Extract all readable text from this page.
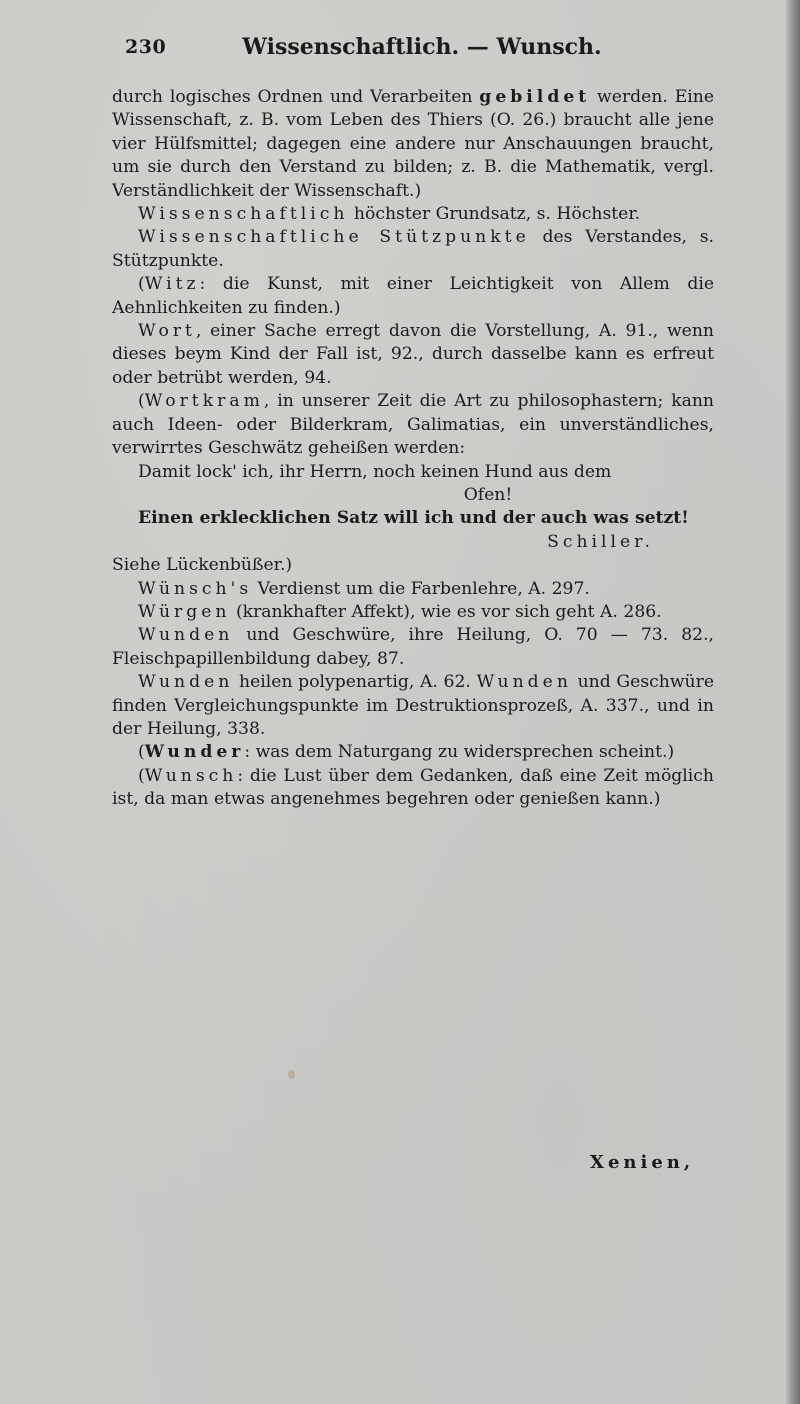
230	Wissenschaftlich. — Wunsch.

durch logisches Ordnen und Verarbeiten gebildet werden. Eine Wissenschaft, z. B. vom Leben des Thiers (O. 26.) braucht alle jene vier Hülfsmittel; dagegen eine andere nur Anschauungen braucht, um sie durch den Verstand zu bilden; z. B. die Mathematik, vergl. Verständlichkeit der Wissenschaft.)

Wissenschaftlich höchster Grundsatz, s. Höchster.

Wissenschaftliche Stützpunkte des Verstandes, s. Stützpunkte.

(Witz: die Kunst, mit einer Leichtigkeit von Allem die Aehnlichkeiten zu finden.)

Wort, einer Sache erregt davon die Vorstellung, A. 91., wenn dieses beym Kind der Fall ist, 92., durch dasselbe kann es erfreut oder betrübt werden, 94.

(Wortkram, in unserer Zeit die Art zu philosophastern; kann auch Ideen- oder Bilderkram, Galimatias, ein unverständliches, verwirrtes Geschwätz geheißen werden:

Damit lock' ich, ihr Herrn, noch keinen Hund aus dem

Ofen!

Einen erklecklichen Satz will ich und der auch was setzt!

Schiller.

Siehe Lückenbüßer.)

Wünsch's Verdienst um die Farbenlehre, A. 297.

Würgen (krankhafter Affekt), wie es vor sich geht A. 286.

Wunden und Geschwüre, ihre Heilung, O. 70 — 73. 82., Fleischpapillenbildung dabey, 87.

Wunden heilen polypenartig, A. 62. Wunden und Geschwüre finden Vergleichungspunkte im Destruktionsprozeß, A. 337., und in der Heilung, 338.

(Wunder: was dem Naturgang zu widersprechen scheint.)

(Wunsch: die Lust über dem Gedanken, daß eine Zeit möglich ist, da man etwas angenehmes begehren oder genießen kann.)

Xenien,
